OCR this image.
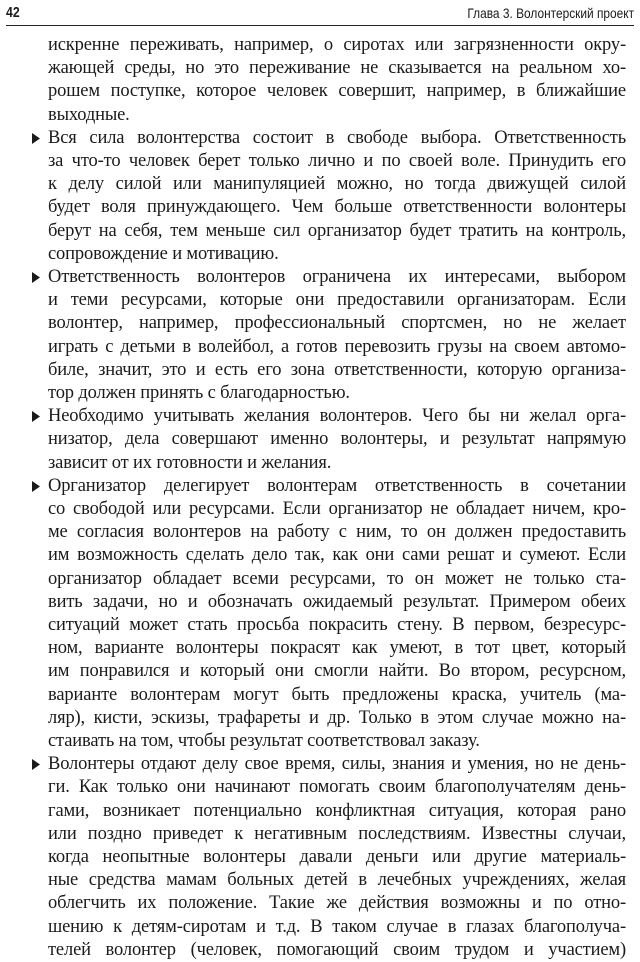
42	Глава 3. Волонтерский проект
искренне переживать, например, о сиротах или загрязненности окру-
жающей среды, но это переживание не сказывается на реальном хо-
рошем поступке, которое человек совершит, например, в ближайшие
выходные.
Вся сила волонтерства состоит в свободе выбора. Ответственность
за что-то человек берет только лично и по своей воле. Принудить его
к делу силой или манипуляцией можно, но тогда движущей силой
будет воля принуждающего. Чем больше ответственности волонтеры
берут на себя, тем меньше сил организатор будет тратить на контроль,
сопровождение и мотивацию.
Ответственность волонтеров ограничена их интересами, выбором
и теми ресурсами, которые они предоставили организаторам. Если
волонтер, например, профессиональный спортсмен, но не желает
играть с детьми в волейбол, а готов перевозить грузы на своем автомо-
биле, значит, это и есть его зона ответственности, которую организа-
тор должен принять с благодарностью.
Необходимо учитывать желания волонтеров. Чего бы ни желал орга-
низатор, дела совершают именно волонтеры, и результат напрямую
зависит от их готовности и желания.
Организатор делегирует волонтерам ответственность в сочетании
со свободой или ресурсами. Если организатор не обладает ничем, кро-
ме согласия волонтеров на работу с ним, то он должен предоставить
им возможность сделать дело так, как они сами решат и сумеют. Если
организатор обладает всеми ресурсами, то он может не только ста-
вить задачи, но и обозначать ожидаемый результат. Примером обеих
ситуаций может стать просьба покрасить стену. В первом, безресурс-
ном, варианте волонтеры покрасят как умеют, в тот цвет, который
им понравился и который они смогли найти. Во втором, ресурсном,
варианте волонтерам могут быть предложены краска, учитель (ма-
ляр), кисти, эскизы, трафареты и др. Только в этом случае можно на-
стаивать на том, чтобы результат соответствовал заказу.
Волонтеры отдают делу свое время, силы, знания и умения, но не день-
ги. Как только они начинают помогать своим благополучателям день-
гами, возникает потенциально конфликтная ситуация, которая рано
или поздно приведет к негативным последствиям. Известны случаи,
когда неопытные волонтеры давали деньги или другие материаль-
ные средства мамам больных детей в лечебных учреждениях, желая
облегчить их положение. Такие же действия возможны и по отно-
шению к детям-сиротам и т.д. В таком случае в глазах благополуча-
телей волонтер (человек, помогающий своим трудом и участием)
